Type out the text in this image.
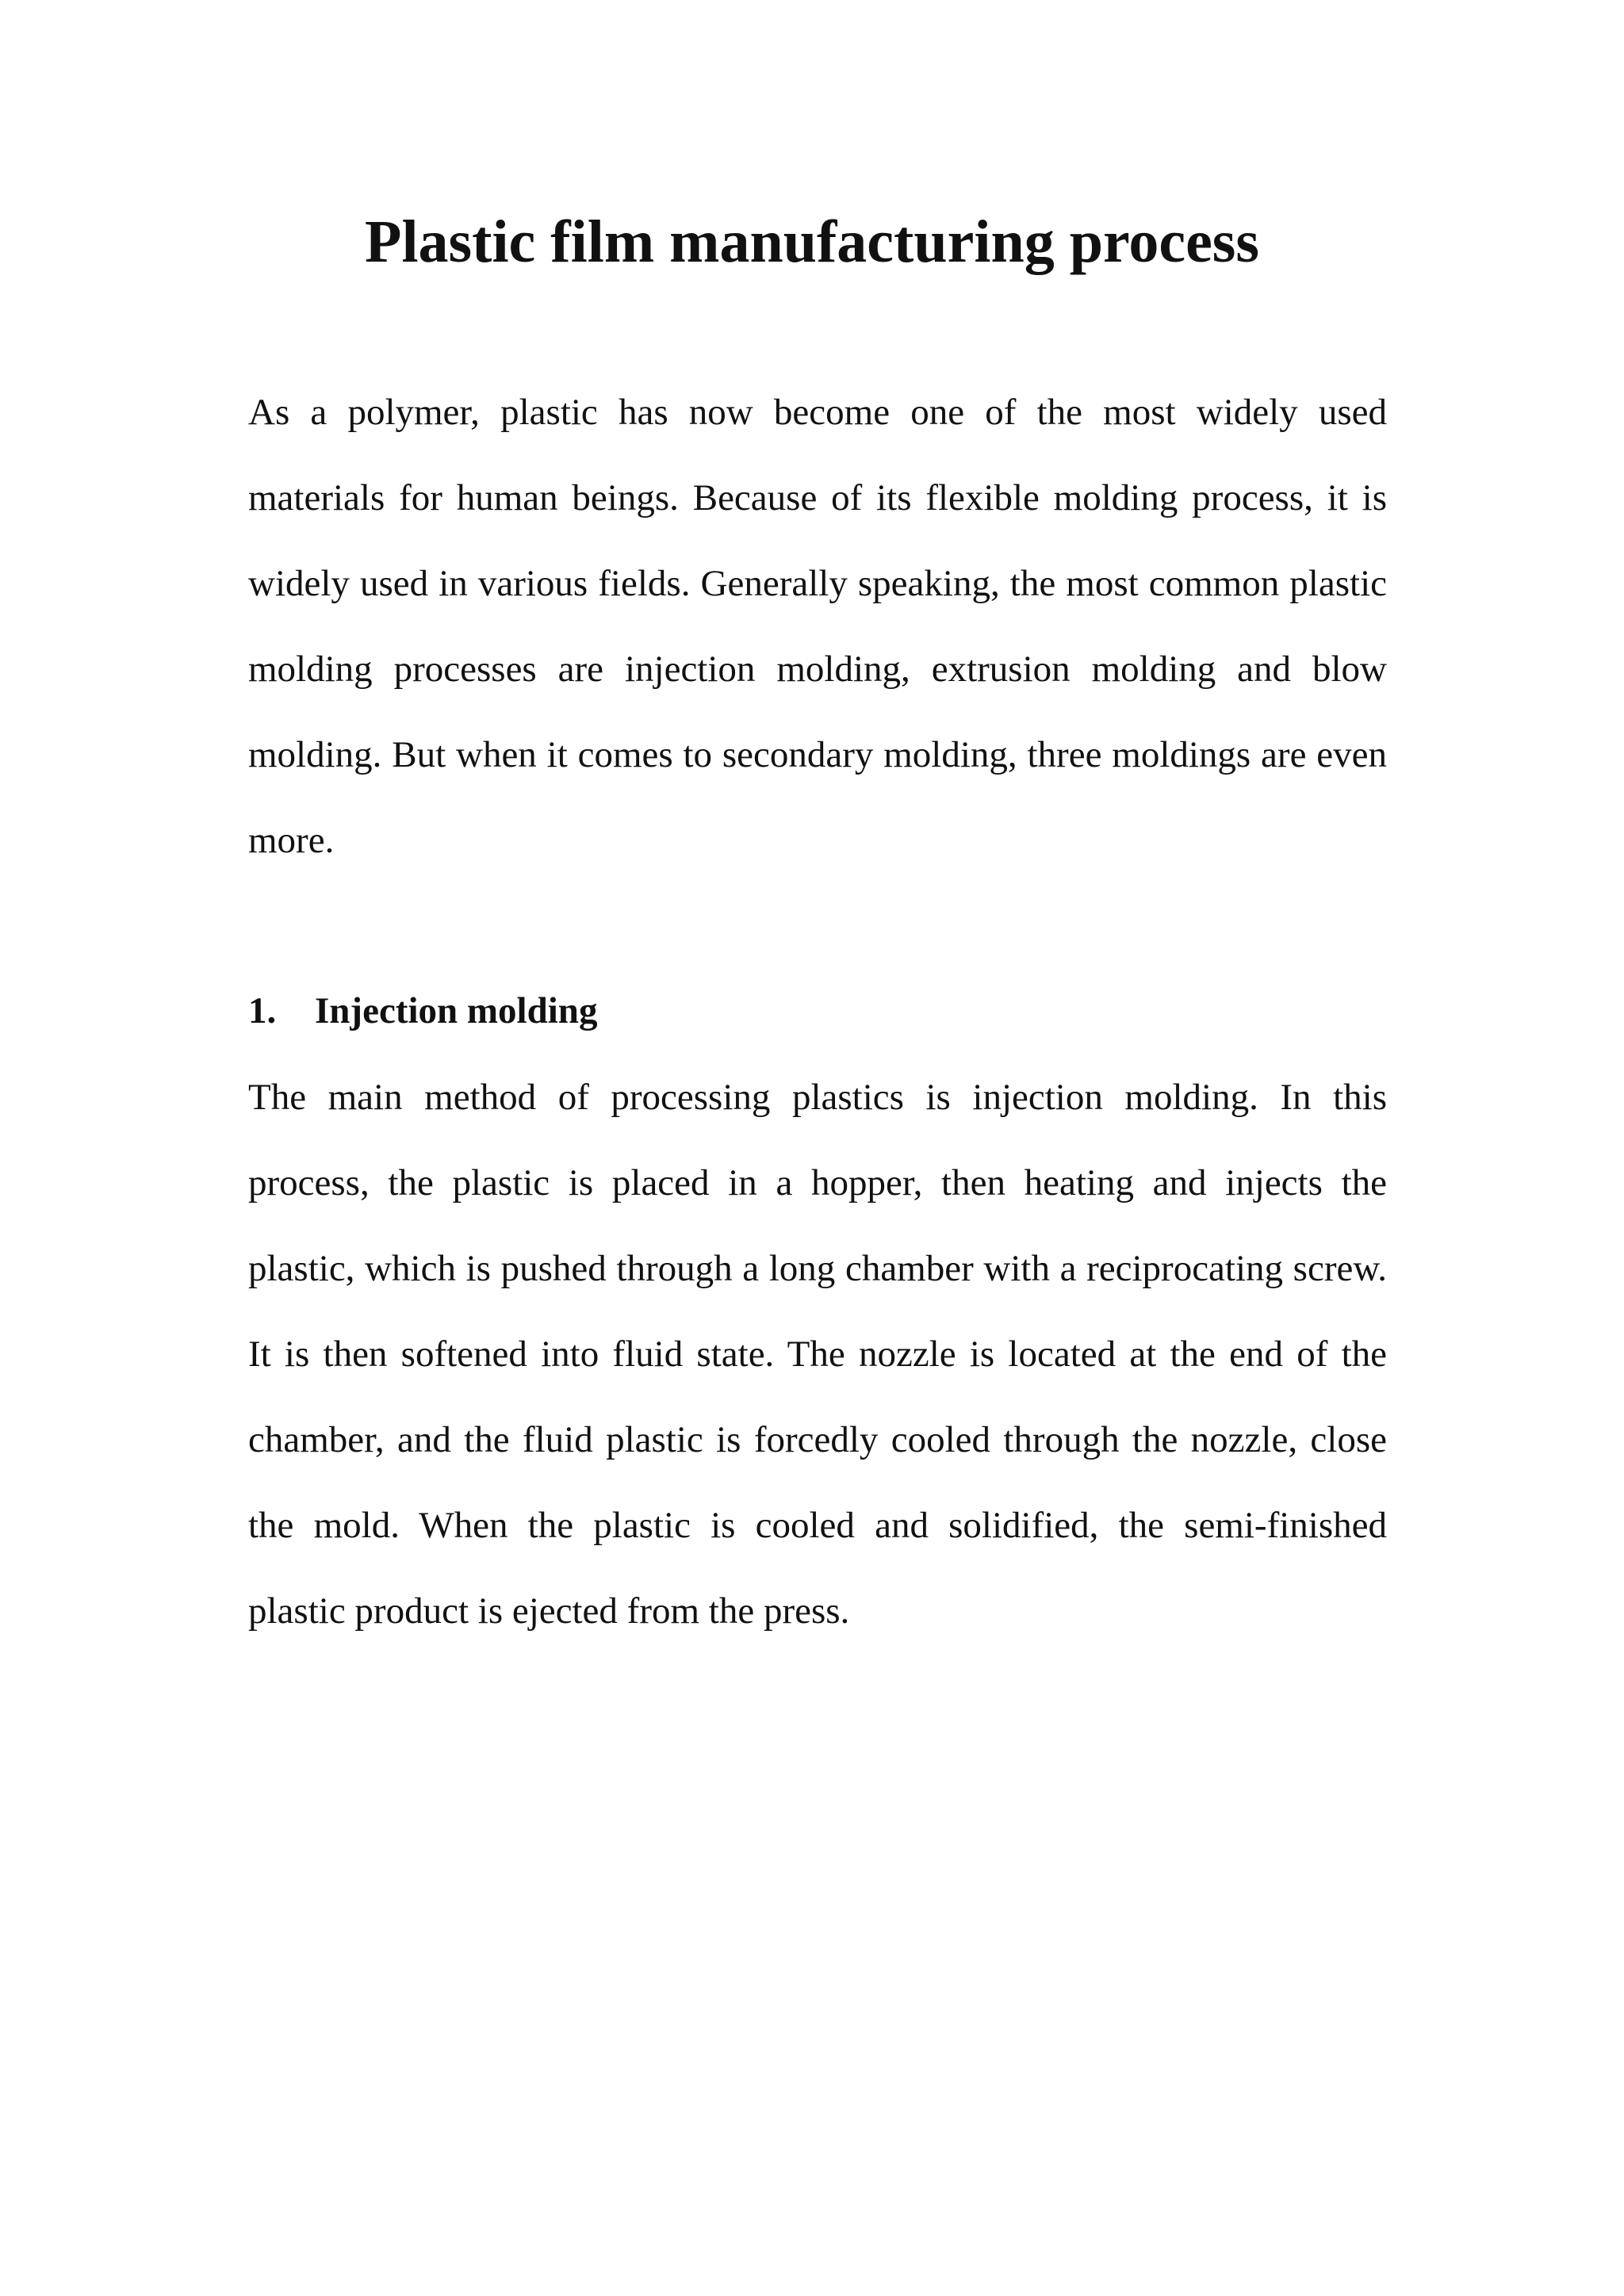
Plastic film manufacturing process

As a polymer, plastic has now become one of the most widely used materials for human beings. Because of its flexible molding process, it is widely used in various fields. Generally speaking, the most common plastic molding processes are injection molding, extrusion molding and blow molding. But when it comes to secondary molding, three moldings are even more.

1. Injection molding

The main method of processing plastics is injection molding. In this process, the plastic is placed in a hopper, then heating and injects the plastic, which is pushed through a long chamber with a reciprocating screw. It is then softened into fluid state. The nozzle is located at the end of the chamber, and the fluid plastic is forcedly cooled through the nozzle, close the mold. When the plastic is cooled and solidified, the semi-finished plastic product is ejected from the press.
